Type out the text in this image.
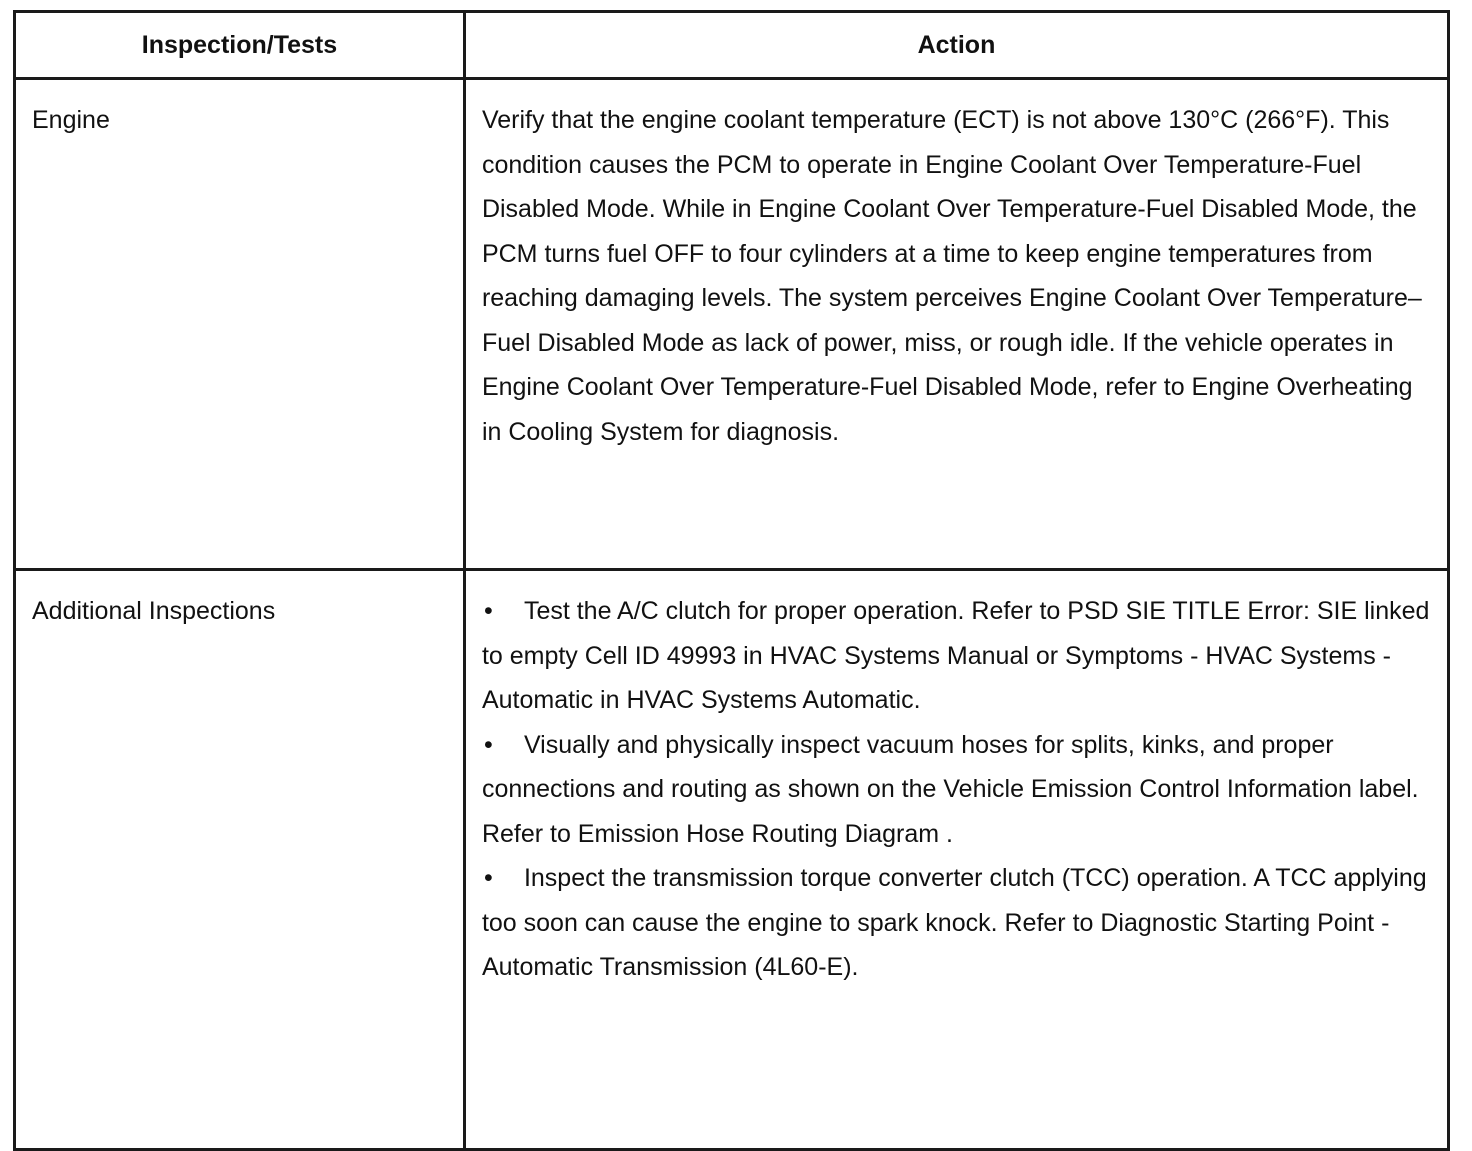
Inspection/Tests	Action
Engine	Verify that the engine coolant temperature (ECT) is not above 130°C (266°F). This condition causes the PCM to operate in Engine Coolant Over Temperature-Fuel Disabled Mode. While in Engine Coolant Over Temperature-Fuel Disabled Mode, the PCM turns fuel OFF to four cylinders at a time to keep engine temperatures from reaching damaging levels. The system perceives Engine Coolant Over Temperature–Fuel Disabled Mode as lack of power, miss, or rough idle. If the vehicle operates in Engine Coolant Over Temperature-Fuel Disabled Mode, refer to Engine Overheating in Cooling System for diagnosis.

Additional Inspections	• Test the A/C clutch for proper operation. Refer to PSD SIE TITLE Error: SIE linked to empty Cell ID 49993 in HVAC Systems Manual or Symptoms - HVAC Systems - Automatic in HVAC Systems Automatic.

• Visually and physically inspect vacuum hoses for splits, kinks, and proper connections and routing as shown on the Vehicle Emission Control Information label. Refer to Emission Hose Routing Diagram .

• Inspect the transmission torque converter clutch (TCC) operation. A TCC applying too soon can cause the engine to spark knock. Refer to Diagnostic Starting Point - Automatic Transmission (4L60-E).
